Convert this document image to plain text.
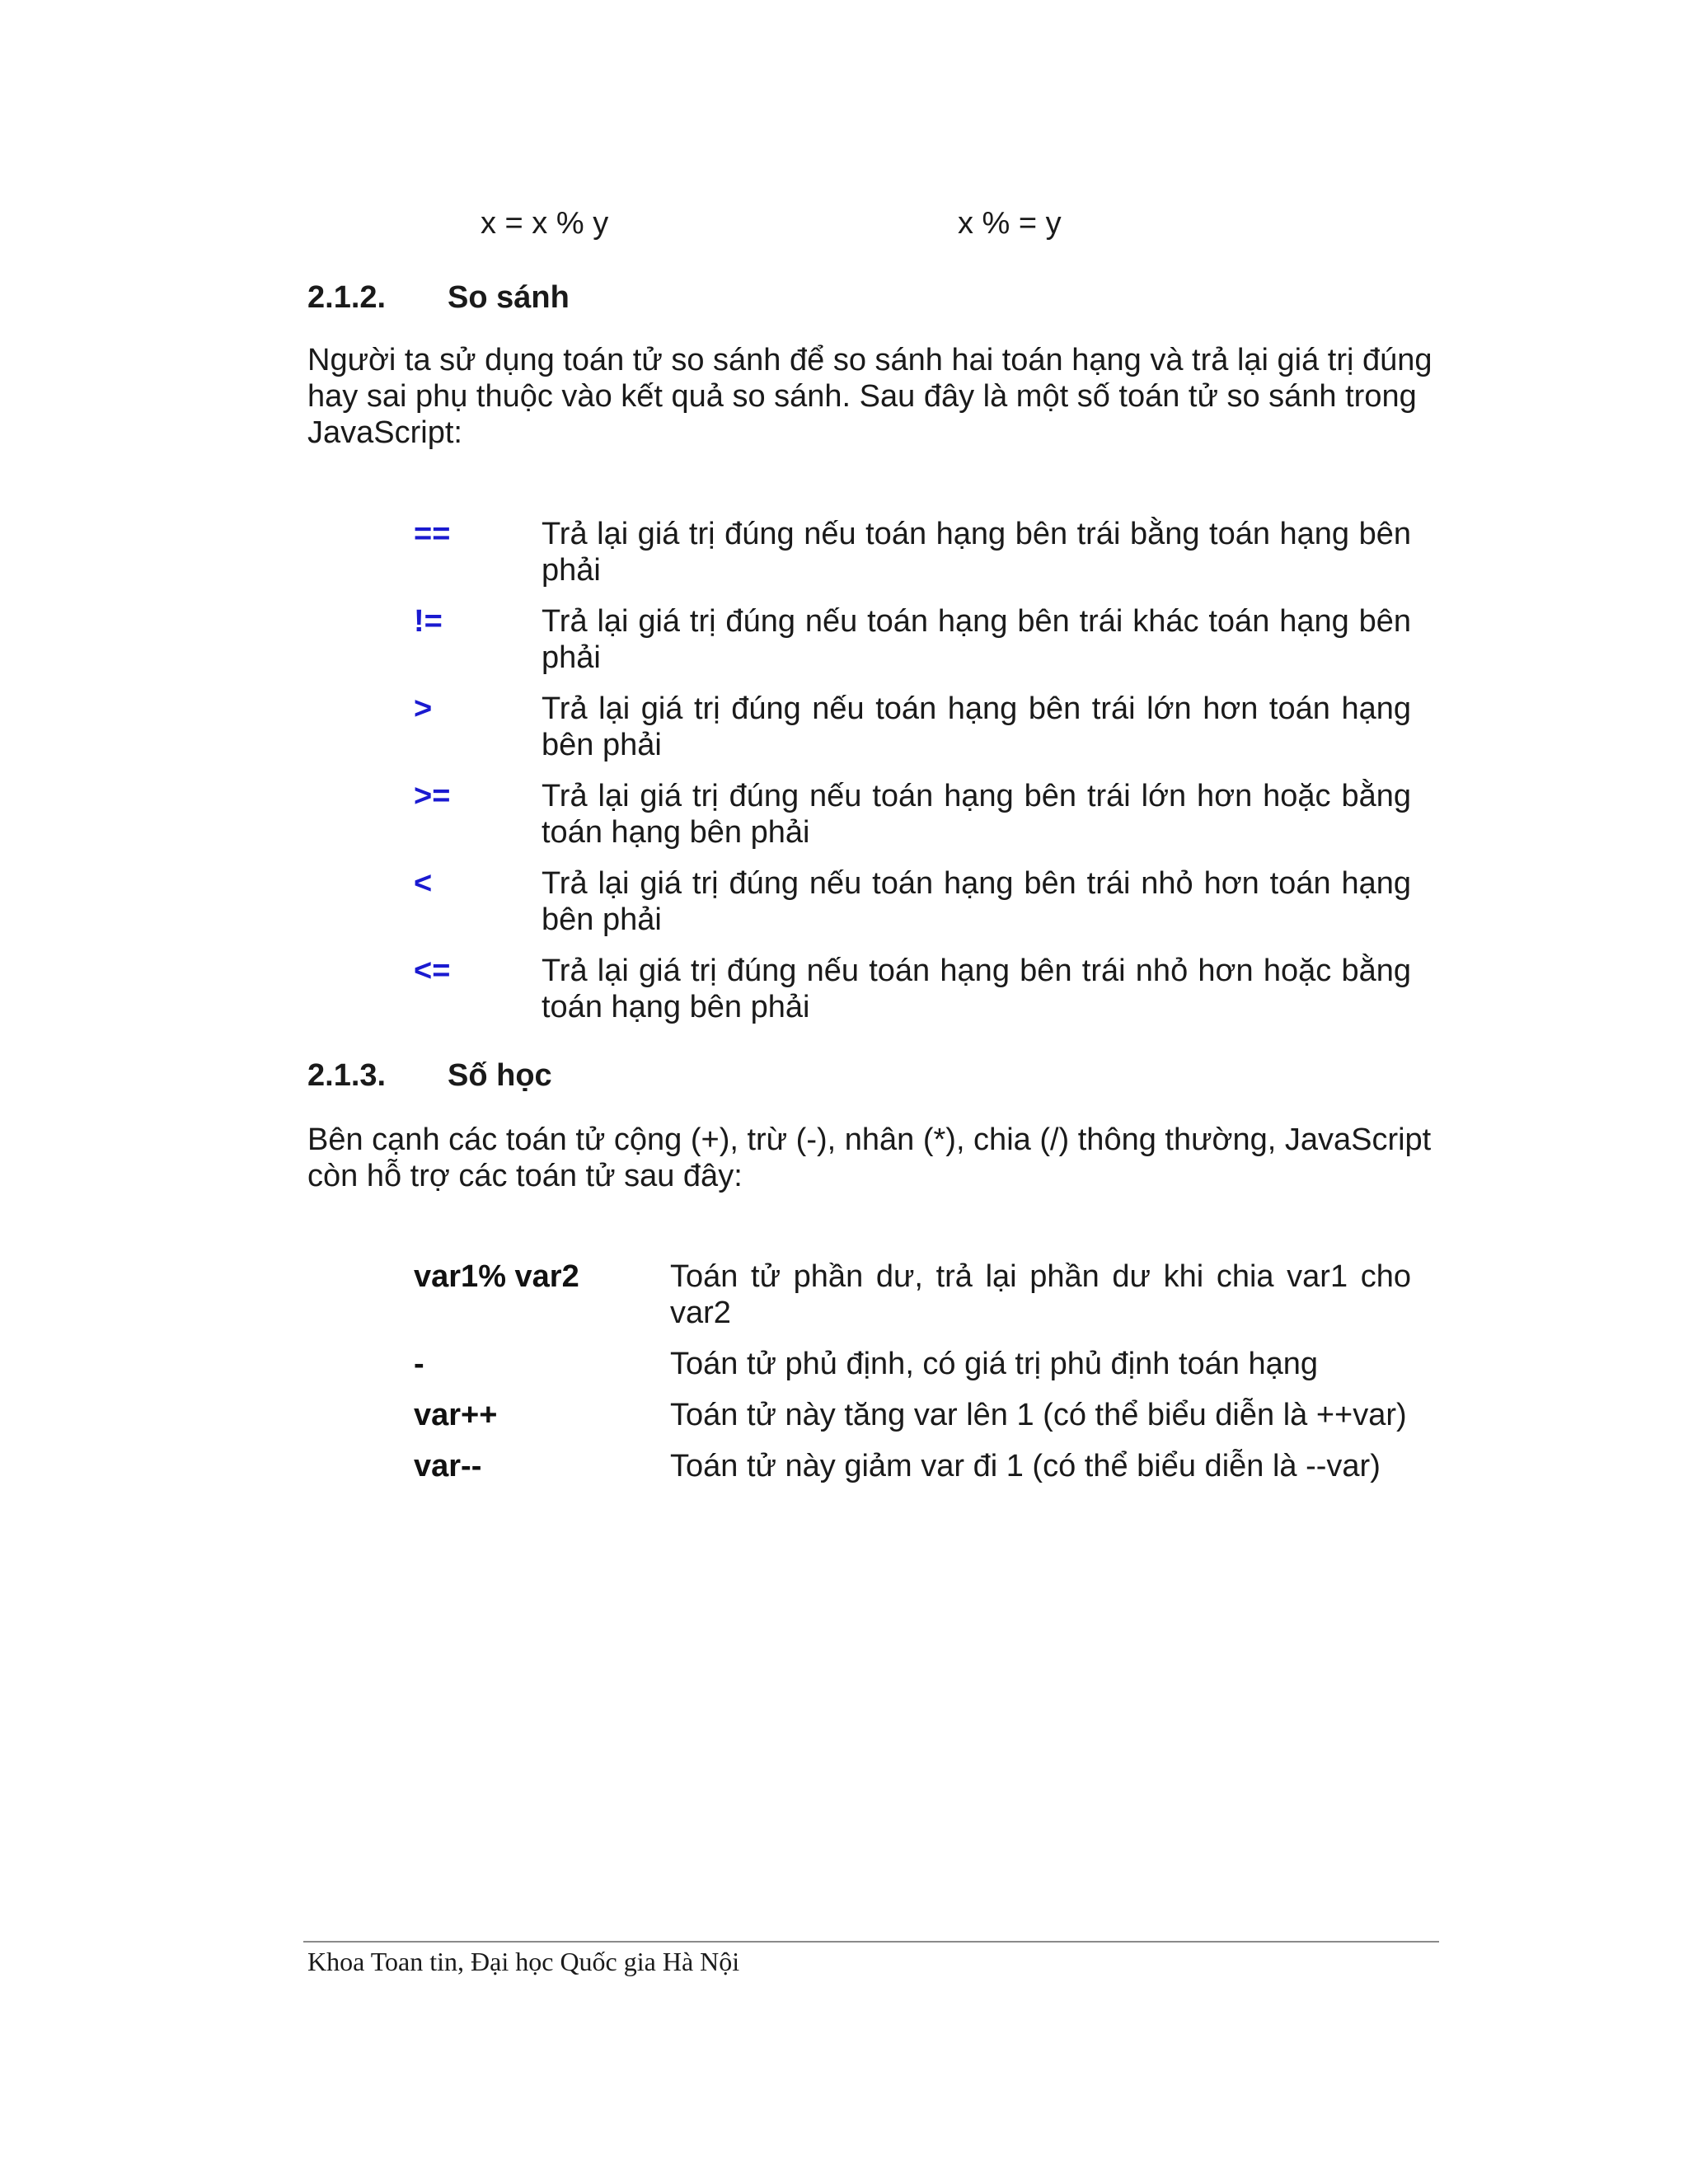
x = x % y	x % = y
2.1.2. So sánh

Người ta sử dụng toán tử so sánh để so sánh hai toán hạng và trả lại giá trị đúng hay sai phụ thuộc vào kết quả so sánh. Sau đây là một số toán tử so sánh trong JavaScript:

==	Trả lại giá trị đúng nếu toán hạng bên trái bằng toán hạng bên phải
!=	Trả lại giá trị đúng nếu toán hạng bên trái khác toán hạng bên phải
>	Trả lại giá trị đúng nếu toán hạng bên trái lớn hơn toán hạng bên phải
>=	Trả lại giá trị đúng nếu toán hạng bên trái lớn hơn hoặc bằng toán hạng bên phải
<	Trả lại giá trị đúng nếu toán hạng bên trái nhỏ hơn toán hạng bên phải
<=	Trả lại giá trị đúng nếu toán hạng bên trái nhỏ hơn hoặc bằng toán hạng bên phải
2.1.3. Số học

Bên cạnh các toán tử cộng (+), trừ (-), nhân (*), chia (/) thông thường, JavaScript còn hỗ trợ các toán tử sau đây:

var1% var2	Toán tử phần dư, trả lại phần dư khi chia var1 cho var2
-	Toán tử phủ định, có giá trị phủ định toán hạng
var++	Toán tử này tăng var lên 1 (có thể biểu diễn là ++var)
var--	Toán tử này giảm var đi 1 (có thể biểu diễn là --var)

Khoa Toan tin, Đại học Quốc gia Hà Nội
